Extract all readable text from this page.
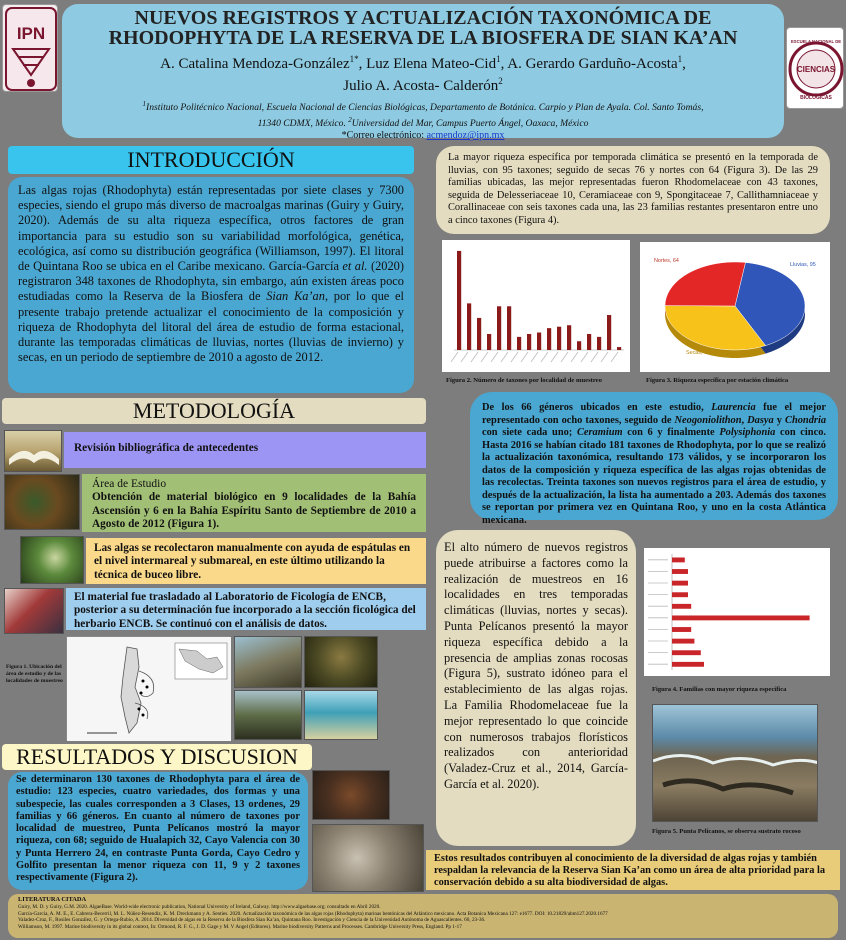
IPN	ESCUELA NACIONAL DE
CIENCIAS
BIOLÓGICAS
NUEVOS REGISTROS Y ACTUALIZACIÓN TAXONÓMICA DE
RHODOPHYTA DE LA RESERVA DE LA BIOSFERA DE SIAN KA’AN
A. Catalina Mendoza-González$^{1*}$, Luz Elena Mateo-Cid$^1$, A. Gerardo Garduño-Acosta$^1$,
Julio A. Acosta- Calderón$^2$
$^1$Instituto Politécnico Nacional, Escuela Nacional de Ciencias Biológicas, Departamento de Botánica. Carpio y Plan de Ayala. Col. Santo Tomás,
11340 CDMX, México. $^2$Universidad del Mar, Campus Puerto Ángel, Oaxaca, México
*Correo electrónico: acmendoz@ipn.mx
INTRODUCCIÓN
Las algas rojas (Rhodophyta) están representadas por siete clases y 7300 especies, siendo el grupo más diverso de macroalgas marinas (Guiry y Guiry, 2020). Además de su alta riqueza específica, otros factores de gran importancia para su estudio son su variabilidad morfológica, genética, ecológica, así como su distribución geográfica (Williamson, 1997). El litoral de Quintana Roo se ubica en el Caribe mexicano. García-García et al. (2020) registraron 348 taxones de Rhodophyta, sin embargo, aún existen áreas poco estudiadas como la Reserva de la Biosfera de Sian Ka’an, por lo que el presente trabajo pretende actualizar el conocimiento de la composición y riqueza de Rhodophyta del litoral del área de estudio de forma estacional, durante las temporadas climáticas de lluvias, nortes (lluvias de invierno) y secas, en un periodo de septiembre de 2010 a agosto de 2012.
METODOLOGÍA
Revisión bibliográfica de antecedentes
Área de Estudio
Obtención de material biológico en 9 localidades de la Bahía Ascensión y 6 en la Bahía Espíritu Santo de Septiembre de 2010 a Agosto de 2012 (Figura 1).
Las algas se recolectaron manualmente con ayuda de espátulas en el nivel intermareal y submareal, en este último utilizando la técnica de buceo libre.
El material fue trasladado al Laboratorio de Ficología de ENCB, posterior a su determinación fue incorporado a la sección ficológica del herbario ENCB. Se continuó con el análisis de datos.
Figura 1. Ubicación del área de estudio y de las localidades de muestreo
RESULTADOS Y DISCUSION
Se determinaron 130 taxones de Rhodophyta para el área de estudio: 123 especies, cuatro variedades, dos formas y una subespecie, las cuales corresponden a 3 Clases, 13 ordenes, 29 familias y 66 géneros. En cuanto al número de taxones por localidad de muestreo, Punta Pelícanos mostró la mayor riqueza, con 68; seguido de Hualapich 32, Cayo Valencia con 30 y Punta Herrero 24, en contraste Punta Gorda, Cayo Cedro y Golfito presentan la menor riqueza con 11, 9 y 2 taxones respectivamente (Figura 2).
La mayor riqueza específica por temporada climática se presentó en la temporada de lluvias, con 95 taxones; seguido de secas 76 y nortes con 64 (Figura 3). De las 29 familias ubicadas, las mejor representadas fueron Rhodomelaceae con 43 taxones, seguida de Delesseriaceae 10, Ceramiaceae con 9, Spongitaceae 7, Callithamniaceae y Corallinaceae con seis taxones cada una, las 23 familias restantes presentaron entre uno a cinco taxones (Figura 4).
Figura 2. Número de taxones por localidad de muestreo
Lluvias, 95
Secas, 76
Nortes, 64
Figura 3. Riqueza específica por estación climática
De los 66 géneros ubicados en este estudio, Laurencia fue el mejor representado con ocho taxones, seguido de Neogoniolithon, Dasya y Chondria con siete cada uno; Ceramium con 6 y finalmente Polysiphonia con cinco. Hasta 2016 se habían citado 181 taxones de Rhodophyta, por lo que se realizó la actualización taxonómica, resultando 173 válidos, y se incorporaron los datos de la composición y riqueza específica de las algas rojas obtenidas de las recolectas. Treinta taxones son nuevos registros para el área de estudio, y después de la actualización, la lista ha aumentado a 203. Además dos taxones se reportan por primera vez en Quintana Roo, y uno en la costa Atlántica mexicana.
El alto número de nuevos registros puede atribuirse a factores como la realización de muestreos en 16 localidades en tres temporadas climáticas (lluvias, nortes y secas). Punta Pelícanos presentó la mayor riqueza específica debido a la presencia de amplias zonas rocosas (Figura 5), sustrato idóneo para el establecimiento de las algas rojas. La Familia Rhodomelaceae fue la mejor representado lo que coincide con numerosos trabajos florísticos realizados con anterioridad (Valadez-Cruz et al., 2014, García-García et al. 2020).
Figura 4. Familias con mayor riqueza específica
Figura 5. Punta Pelícanos, se observa sustrato rocoso
Estos resultados contribuyen al conocimiento de la diversidad de algas rojas y también respaldan la relevancia de la Reserva Sian Ka’an como un área de alta prioridad para la conservación debido a su alta biodiversidad de algas.
LITERATURA CITADA
Guiry, M. D. y Guiry, G.M. 2020. AlgaeBase. World-wide electronic publication, National University of Ireland, Galway. http://www.algaebase.org; consultado en Abril 2020.
García-García, A. M. E., E. Cabrera-Becerril, M. L. Núñez-Resendiz, K. M. Dreckmann y A. Sentíes. 2020. Actualización taxonómica de las algas rojas (Rhodophyta) marinas bentónicas del Atlántico mexicano. Acta Botanica Mexicana 127: e1677. DOI: 10.21829/abm127.2020.1677
Valadez-Cruz, F., Rosiles González, G. y Ortega-Rubio, A. 2014. Diversidad de algas en la Reserva de la Biosfera Sian Ka’an, Quintana Roo. Investigación y Ciencia de la Universidad Autónoma de Aguascalientes. 60, 23-36.
Williamson, M. 1997. Marine biodiversity in its global context, In: Ormond, R. F. G., J. D. Gage y M. V Angel (Editores). Marine biodiversity Patterns and Processes. Cambridge University Press, England. Pp 1-17
